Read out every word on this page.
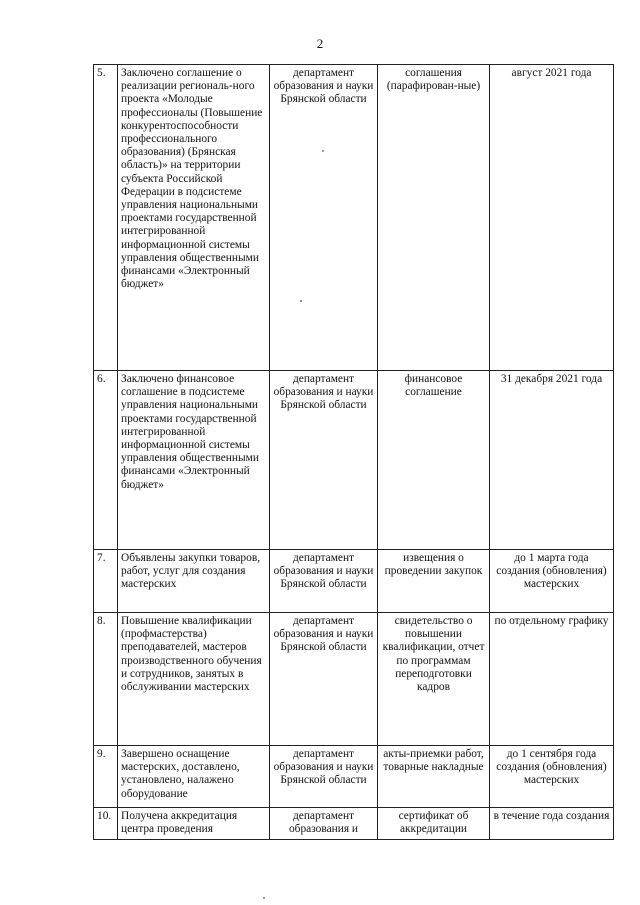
2
5.	Заключено соглашение о реализации региональ-ного проекта «Молодые профессионалы (Повышение конкурентоспособности профессионального образования) (Брянская область)» на территории субъекта Российской Федерации в подсистеме управления национальными проектами государственной интегрированной информационной системы управления общественными финансами «Электронный бюджет»	департамент образования и науки Брянской области	соглашения (парафирован-ные)	август 2021 года
6.	Заключено финансовое соглашение в подсистеме управления национальными проектами государственной интегрированной информационной системы управления общественными финансами «Электронный бюджет»	департамент образования и науки Брянской области	финансовое соглашение	31 декабря 2021 года
7.	Объявлены закупки товаров, работ, услуг для создания мастерских	департамент образования и науки Брянской области	извещения о проведении закупок	до 1 марта года создания (обновления) мастерских
8.	Повышение квалификации (профмастерства) преподавателей, мастеров производственного обучения и сотрудников, занятых в обслуживании мастерских	департамент образования и науки Брянской области	свидетельство о повышении квалификации, отчет по программам переподготовки кадров	по отдельному графику
9.	Завершено оснащение мастерских, доставлено, установлено, налажено оборудование	департамент образования и науки Брянской области	акты-приемки работ, товарные накладные	до 1 сентября года создания (обновления) мастерских
10.	Получена аккредитация центра проведения	департамент образования и	сертификат об аккредитации	в течение года создания
